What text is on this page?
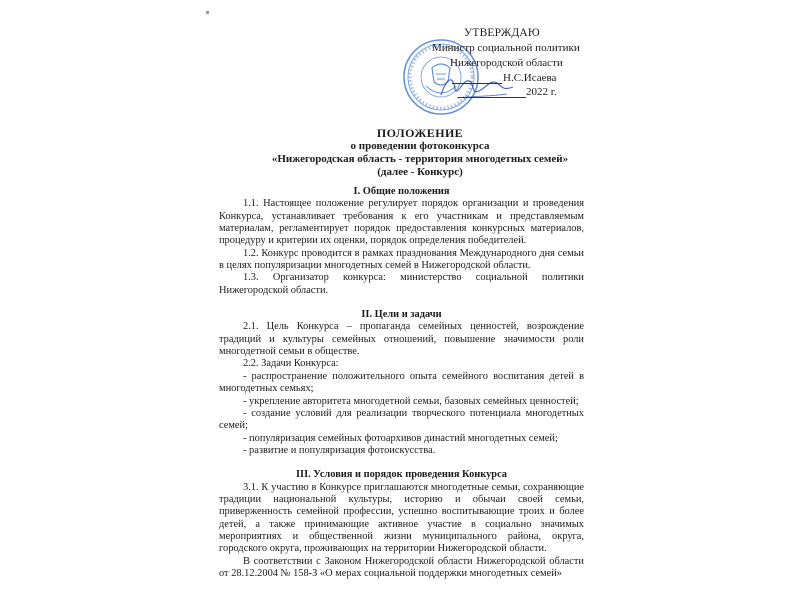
УТВЕРЖДАЮ
Министр социальной политики
Нижегородской области
Н.С.Исаева
2022 г.
ПОЛОЖЕНИЕ
о проведении фотоконкурса
«Нижегородская область - территория многодетных семей»
(далее - Конкурс)

I. Общие положения

1.1. Настоящее положение регулирует порядок организации и проведения Конкурса, устанавливает требования к его участникам и представляемым материалам, регламентирует порядок предоставления конкурсных материалов, процедуру и критерии их оценки, порядок определения победителей.

1.2. Конкурс проводится в рамках празднования Международного дня семьи в целях популяризации многодетных семей в Нижегородской области.

1.3. Организатор конкурса: министерство социальной политики Нижегородской области.

II. Цели и задачи

2.1. Цель Конкурса – пропаганда семейных ценностей, возрождение традиций и культуры семейных отношений, повышение значимости роли многодетной семьи в обществе.

2.2. Задачи Конкурса:

- распространение положительного опыта семейного воспитания детей в многодетных семьях;

- укрепление авторитета многодетной семьи, базовых семейных ценностей;

- создание условий для реализации творческого потенциала многодетных семей;

- популяризация семейных фотоархивов династий многодетных семей;

- развитие и популяризация фотоискусства.

III. Условия и порядок проведения Конкурса

3.1. К участию в Конкурсе приглашаются многодетные семьи, сохраняющие традиции национальной культуры, историю и обычаи своей семьи, приверженность семейной профессии, успешно воспитывающие троих и более детей, а также принимающие активное участие в социально значимых мероприятиях и общественной жизни муниципального района, округа, городского округа, проживающих на территории Нижегородской области.

В соответствии с Законом Нижегородской области Нижегородской области от 28.12.2004 № 158-З «О мерах социальной поддержки многодетных семей»
